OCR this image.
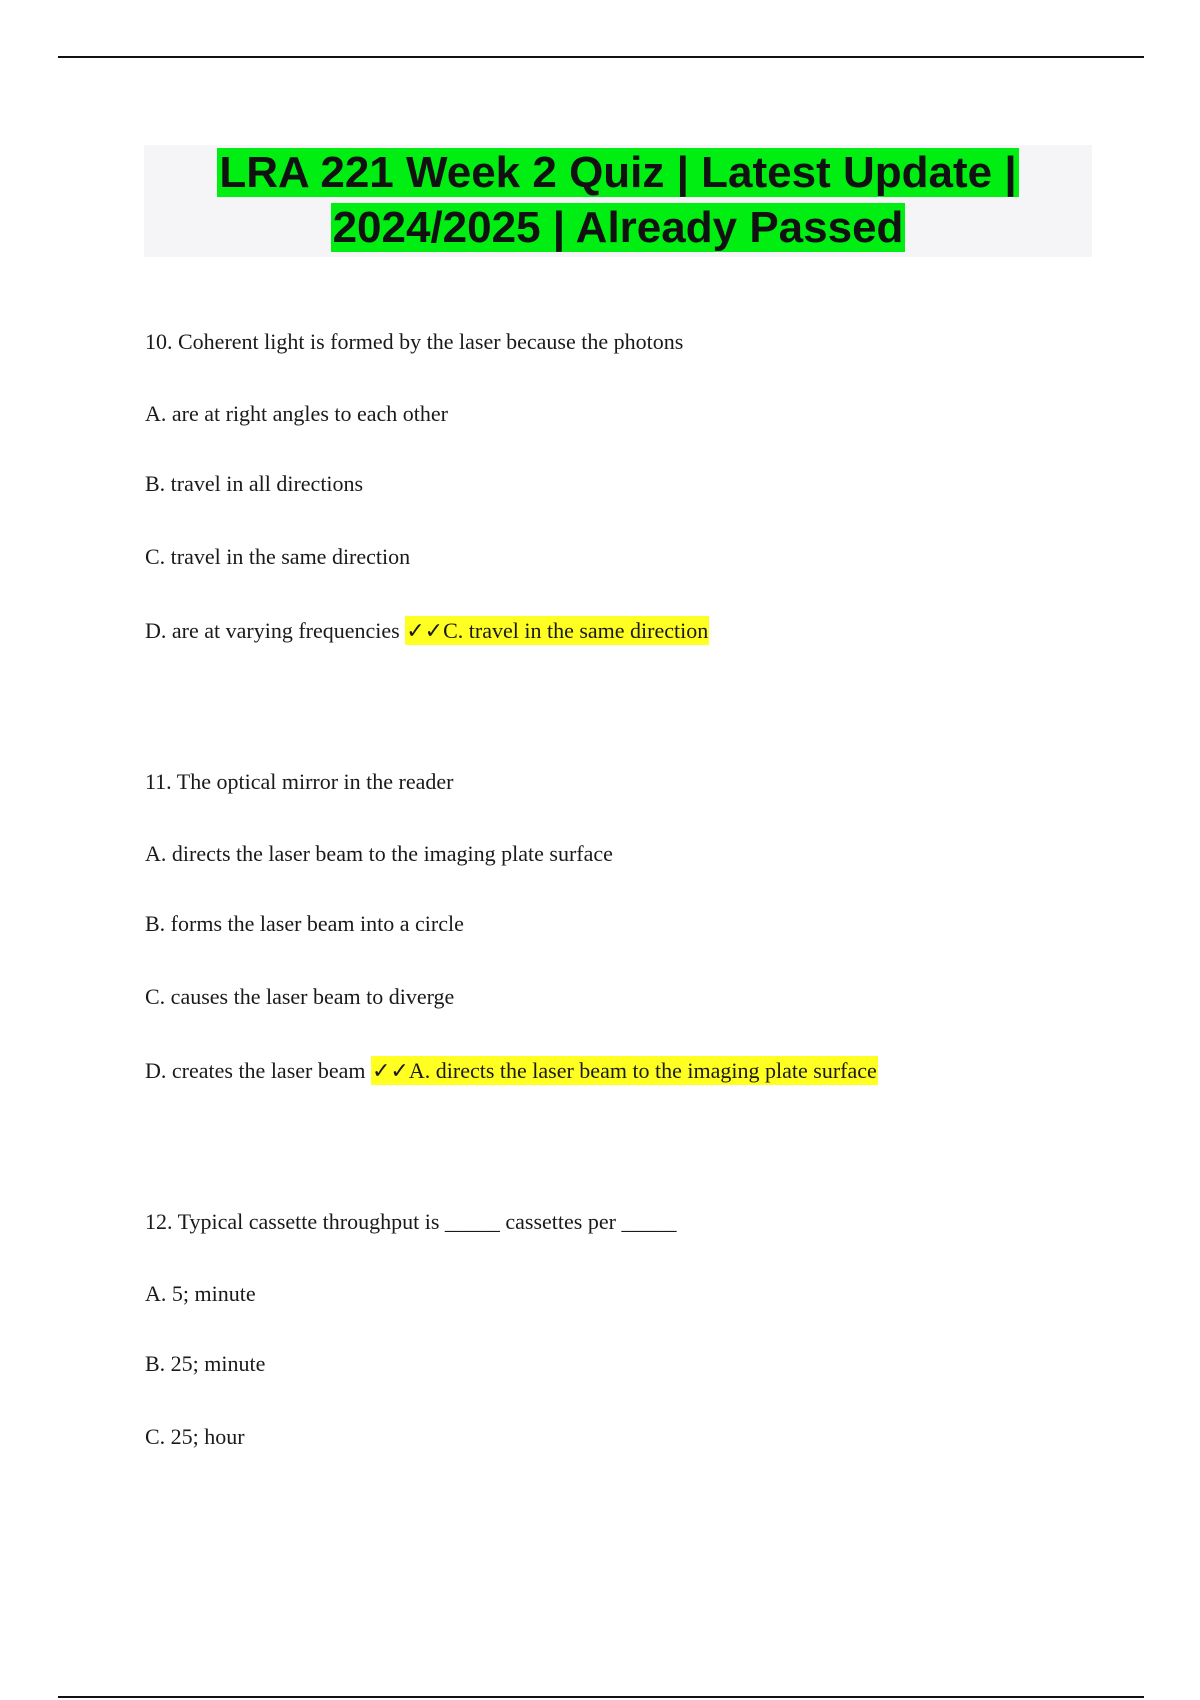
LRA 221 Week 2 Quiz | Latest Update |
2024/2025 | Already Passed
10. Coherent light is formed by the laser because the photons
A. are at right angles to each other
B. travel in all directions
C. travel in the same direction
D. are at varying frequencies ✓✓C. travel in the same direction
11. The optical mirror in the reader
A. directs the laser beam to the imaging plate surface
B. forms the laser beam into a circle
C. causes the laser beam to diverge
D. creates the laser beam ✓✓A. directs the laser beam to the imaging plate surface
12. Typical cassette throughput is _____ cassettes per _____
A. 5; minute
B. 25; minute
C. 25; hour
